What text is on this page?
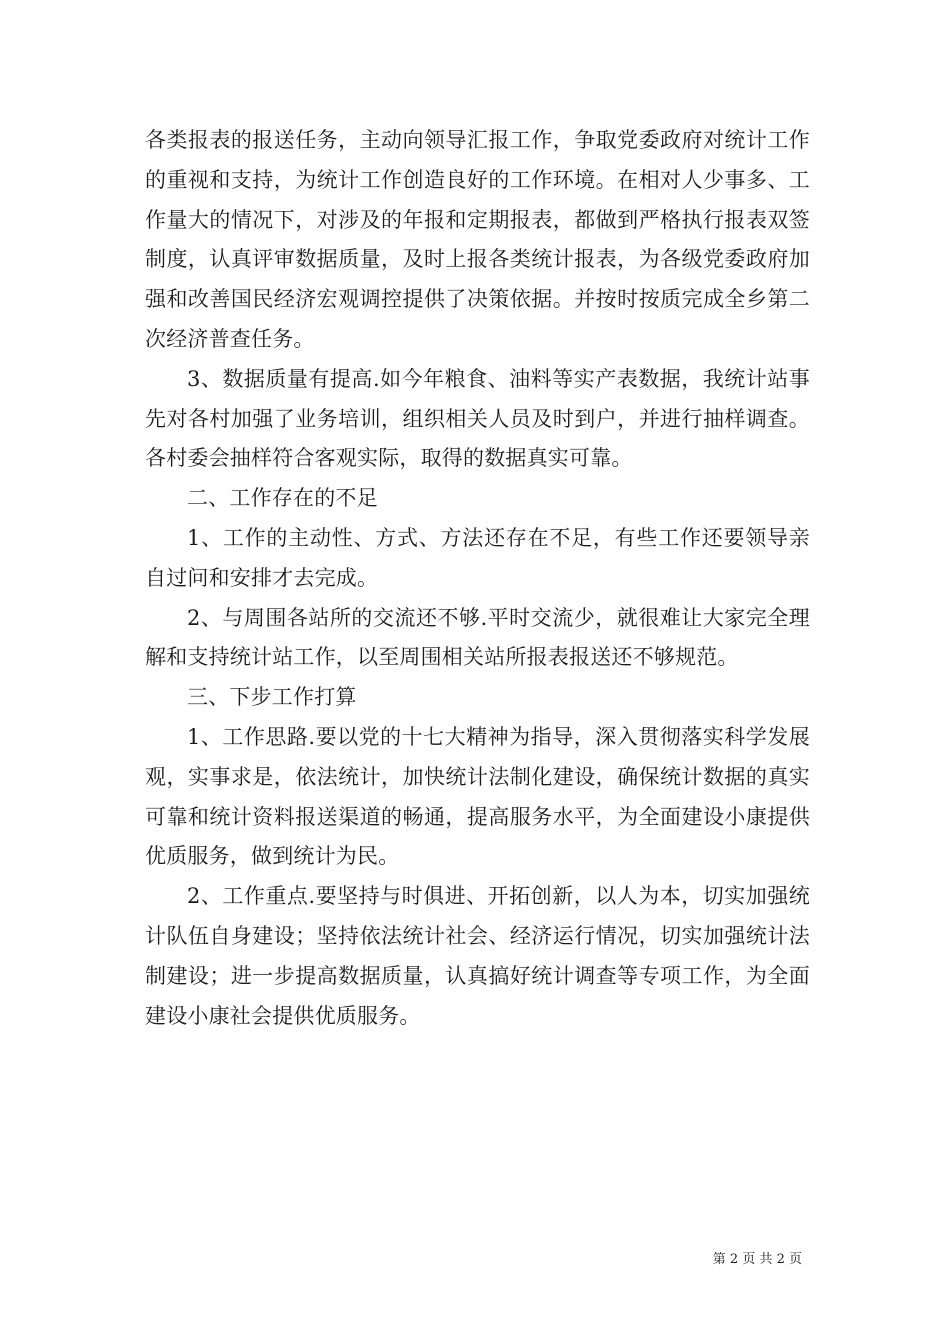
各类报表的报送任务，主动向领导汇报工作，争取党委政府对统计工作的重视和支持，为统计工作创造良好的工作环境。在相对人少事多、工作量大的情况下，对涉及的年报和定期报表，都做到严格执行报表双签制度，认真评审数据质量，及时上报各类统计报表，为各级党委政府加强和改善国民经济宏观调控提供了决策依据。并按时按质完成全乡第二次经济普查任务。

3、数据质量有提高.如今年粮食、油料等实产表数据，我统计站事先对各村加强了业务培训，组织相关人员及时到户，并进行抽样调查。各村委会抽样符合客观实际，取得的数据真实可靠。

二、工作存在的不足

1、工作的主动性、方式、方法还存在不足，有些工作还要领导亲自过问和安排才去完成。

2、与周围各站所的交流还不够.平时交流少，就很难让大家完全理解和支持统计站工作，以至周围相关站所报表报送还不够规范。

三、下步工作打算

1、工作思路.要以党的十七大精神为指导，深入贯彻落实科学发展观，实事求是，依法统计，加快统计法制化建设，确保统计数据的真实可靠和统计资料报送渠道的畅通，提高服务水平，为全面建设小康提供优质服务，做到统计为民。

2、工作重点.要坚持与时俱进、开拓创新，以人为本，切实加强统计队伍自身建设；坚持依法统计社会、经济运行情况，切实加强统计法制建设；进一步提高数据质量，认真搞好统计调查等专项工作，为全面建设小康社会提供优质服务。

第 2 页 共 2 页
